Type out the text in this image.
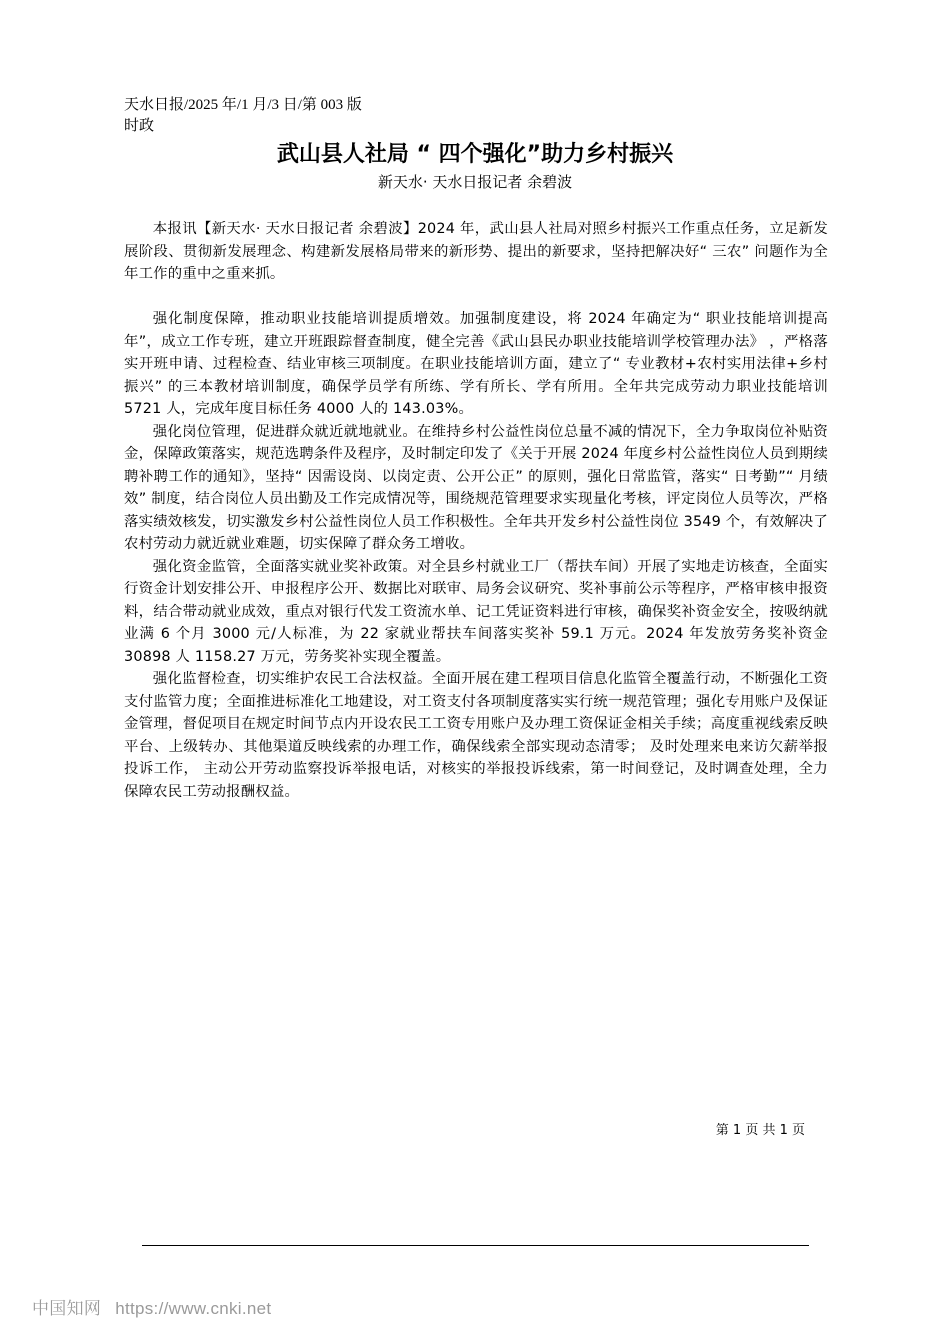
天水日报/2025 年/1 月/3 日/第 003 版时政
武山县人社局 “ 四个强化”助力乡村振兴
新天水· 天水日报记者 余碧波

本报讯【新天水· 天水日报记者 余碧波】2024 年，武山县人社局对照乡村振兴工作重点任务，立足新发展阶段、贯彻新发展理念、构建新发展格局带来的新形势、提出的新要求，坚持把解决好“ 三农” 问题作为全年工作的重中之重来抓。

强化制度保障，推动职业技能培训提质增效。加强制度建设，将 2024 年确定为“ 职业技能培训提高年”，成立工作专班，建立开班跟踪督查制度，健全完善《武山县民办职业技能培训学校管理办法》 ，严格落实开班申请、过程检查、结业审核三项制度。在职业技能培训方面，建立了“ 专业教材+农村实用法律+乡村振兴” 的三本教材培训制度，确保学员学有所练、学有所长、学有所用。全年共完成劳动力职业技能培训 5721 人，完成年度目标任务 4000 人的 143.03%。

强化岗位管理，促进群众就近就地就业。在维持乡村公益性岗位总量不减的情况下，全力争取岗位补贴资金，保障政策落实，规范选聘条件及程序，及时制定印发了《关于开展 2024 年度乡村公益性岗位人员到期续聘补聘工作的通知》，坚持“ 因需设岗、以岗定责、公开公正” 的原则，强化日常监管，落实“ 日考勤”“ 月绩效” 制度，结合岗位人员出勤及工作完成情况等，围绕规范管理要求实现量化考核，评定岗位人员等次，严格落实绩效核发，切实激发乡村公益性岗位人员工作积极性。全年共开发乡村公益性岗位 3549 个，有效解决了农村劳动力就近就业难题，切实保障了群众务工增收。

强化资金监管，全面落实就业奖补政策。对全县乡村就业工厂（帮扶车间）开展了实地走访核查，全面实行资金计划安排公开、申报程序公开、数据比对联审、局务会议研究、奖补事前公示等程序，严格审核申报资料，结合带动就业成效，重点对银行代发工资流水单、记工凭证资料进行审核，确保奖补资金安全，按吸纳就业满 6 个月 3000 元/人标准，为 22 家就业帮扶车间落实奖补 59.1 万元。2024 年发放劳务奖补资金 30898 人 1158.27 万元，劳务奖补实现全覆盖。

强化监督检查，切实维护农民工合法权益。全面开展在建工程项目信息化监管全覆盖行动，不断强化工资支付监管力度；全面推进标准化工地建设，对工资支付各项制度落实实行统一规范管理；强化专用账户及保证金管理，督促项目在规定时间节点内开设农民工工资专用账户及办理工资保证金相关手续；高度重视线索反映平台、上级转办、其他渠道反映线索的办理工作，确保线索全部实现动态清零； 及时处理来电来访欠薪举报投诉工作， 主动公开劳动监察投诉举报电话，对核实的举报投诉线索，第一时间登记，及时调查处理，全力保障农民工劳动报酬权益。

第 1 页 共 1 页
中国知网 https://www.cnki.net
